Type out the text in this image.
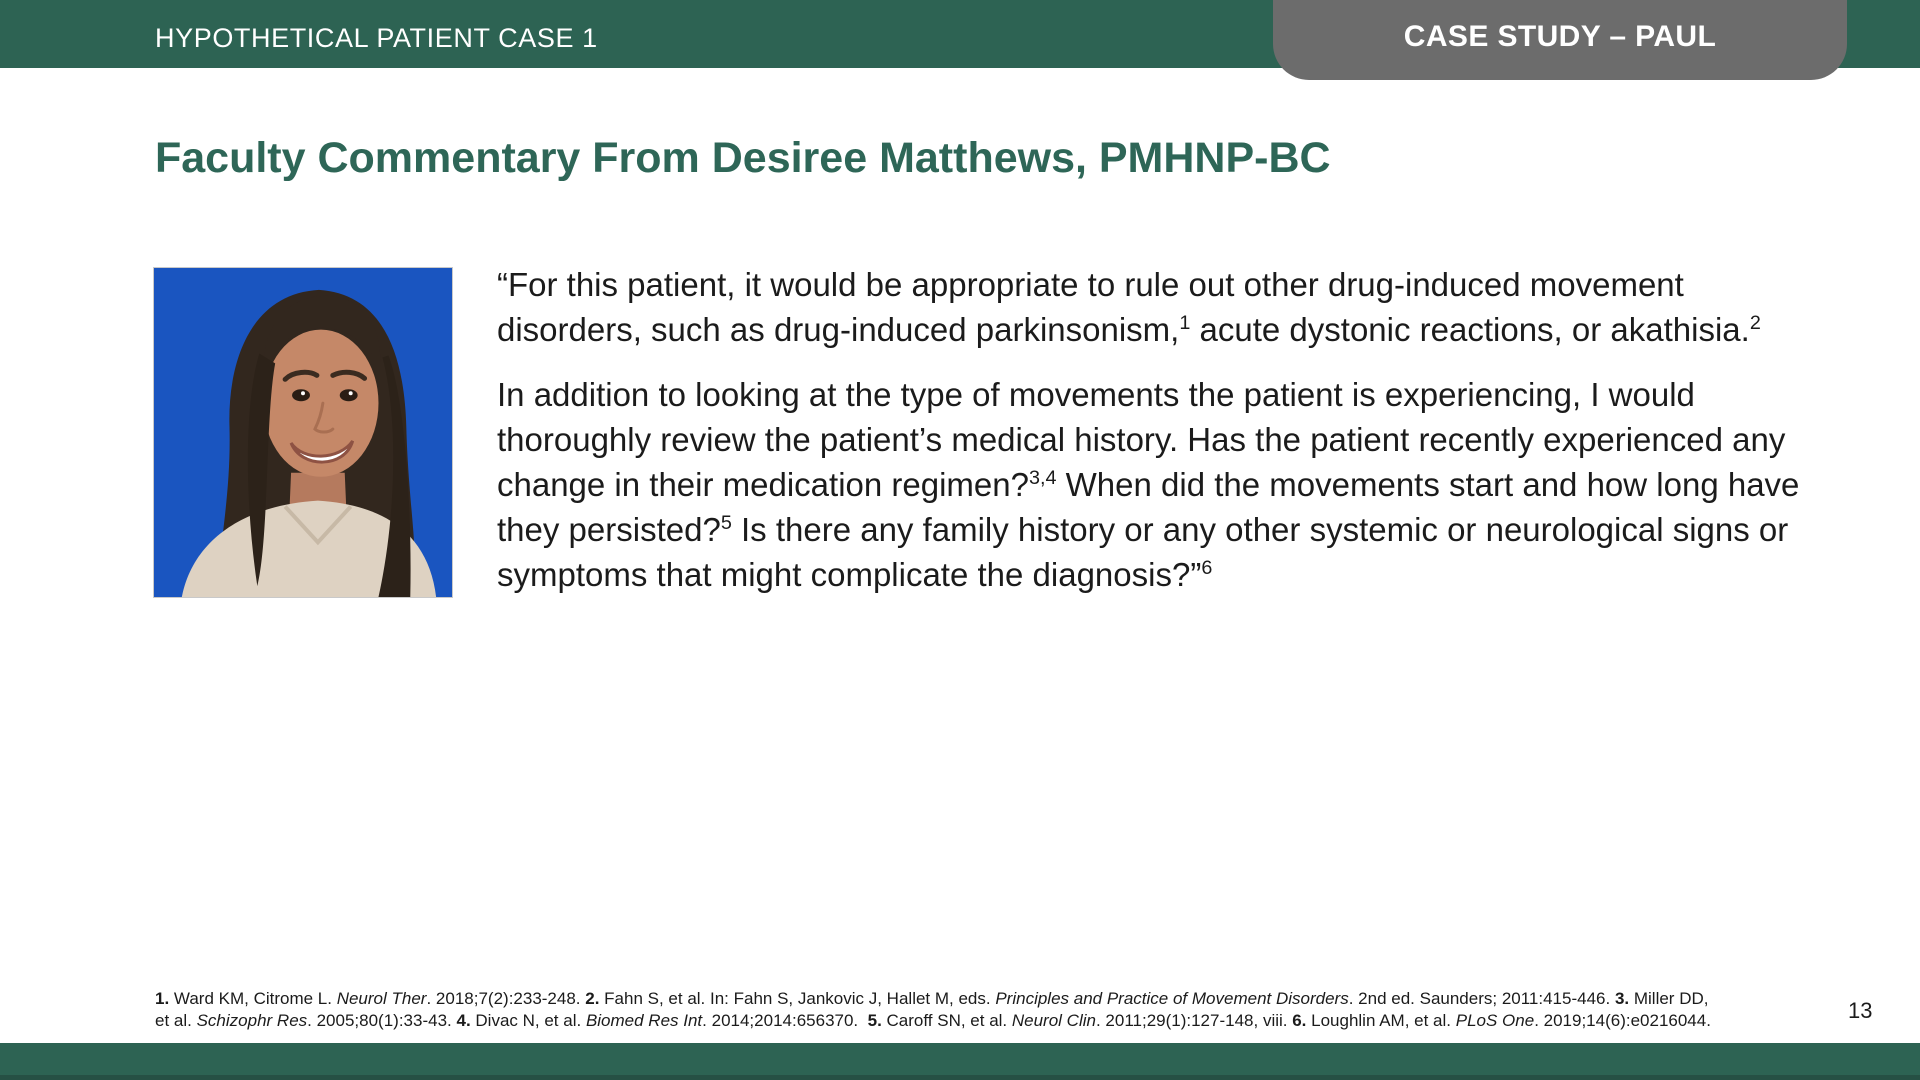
HYPOTHETICAL PATIENT CASE 1	CASE STUDY – PAUL
Faculty Commentary From Desiree Matthews, PMHNP-BC
“For this patient, it would be appropriate to rule out other drug-induced movement disorders, such as drug-induced parkinsonism,$^1$ acute dystonic reactions, or akathisia.$^2$
In addition to looking at the type of movements the patient is experiencing, I would thoroughly review the patient’s medical history. Has the patient recently experienced any change in their medication regimen?$^{3,4}$ When did the movements start and how long have they persisted?$^5$ Is there any family history or any other systemic or neurological signs or symptoms that might complicate the diagnosis?”$^6$
1. Ward KM, Citrome L. Neurol Ther. 2018;7(2):233-248. 2. Fahn S, et al. In: Fahn S, Jankovic J, Hallet M, eds. Principles and Practice of Movement Disorders. 2nd ed. Saunders; 2011:415-446. 3. Miller DD,
et al. Schizophr Res. 2005;80(1):33-43. 4. Divac N, et al. Biomed Res Int. 2014;2014:656370.  5. Caroff SN, et al. Neurol Clin. 2011;29(1):127-148, viii. 6. Loughlin AM, et al. PLoS One. 2019;14(6):e0216044.	13
